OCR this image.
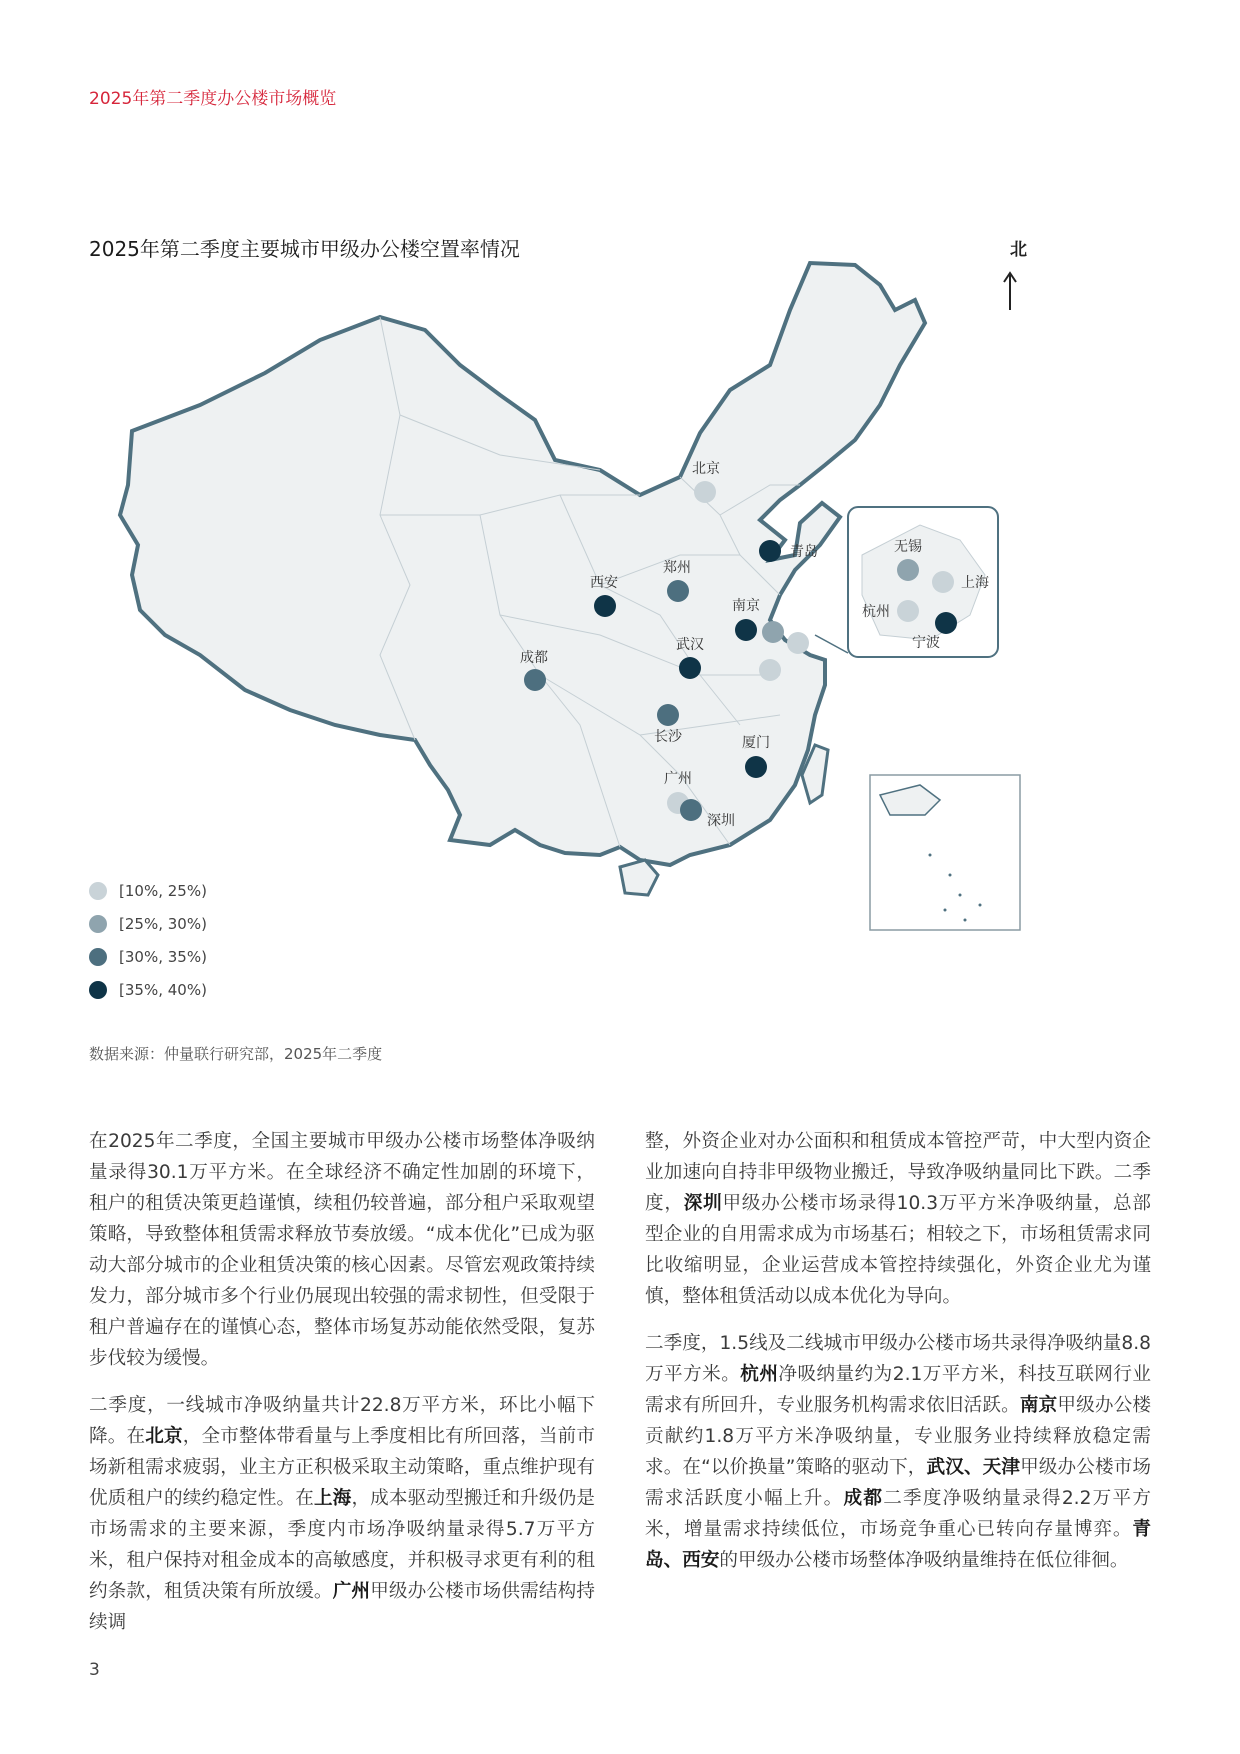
2025年第二季度办公楼市场概览
2025年第二季度主要城市甲级办公楼空置率情况	北
北京
青岛
西安
郑州
南京
武汉
成都
长沙	厦门
广州
深圳
无锡
上海
杭州
宁波
[10%, 25%)
[25%, 30%)
[30%, 35%)
[35%, 40%)
数据来源：仲量联行研究部，2025年二季度

在2025年二季度，全国主要城市甲级办公楼市场整体净吸纳量录得30.1万平方米。在全球经济不确定性加剧的环境下，租户的租赁决策更趋谨慎，续租仍较普遍，部分租户采取观望策略，导致整体租赁需求释放节奏放缓。“成本优化”已成为驱动大部分城市的企业租赁决策的核心因素。尽管宏观政策持续发力，部分城市多个行业仍展现出较强的需求韧性，但受限于租户普遍存在的谨慎心态，整体市场复苏动能依然受限，复苏步伐较为缓慢。

二季度，一线城市净吸纳量共计22.8万平方米，环比小幅下降。在北京，全市整体带看量与上季度相比有所回落，当前市场新租需求疲弱，业主方正积极采取主动策略，重点维护现有优质租户的续约稳定性。在上海，成本驱动型搬迁和升级仍是市场需求的主要来源，季度内市场净吸纳量录得5.7万平方米，租户保持对租金成本的高敏感度，并积极寻求更有利的租约条款，租赁决策有所放缓。广州甲级办公楼市场供需结构持续调

整，外资企业对办公面积和租赁成本管控严苛，中大型内资企业加速向自持非甲级物业搬迁，导致净吸纳量同比下跌。二季度，深圳甲级办公楼市场录得10.3万平方米净吸纳量，总部型企业的自用需求成为市场基石；相较之下，市场租赁需求同比收缩明显，企业运营成本管控持续强化，外资企业尤为谨慎，整体租赁活动以成本优化为导向。

二季度，1.5线及二线城市甲级办公楼市场共录得净吸纳量8.8万平方米。杭州净吸纳量约为2.1万平方米，科技互联网行业需求有所回升，专业服务机构需求依旧活跃。南京甲级办公楼贡献约1.8万平方米净吸纳量，专业服务业持续释放稳定需求。在“以价换量”策略的驱动下，武汉、天津甲级办公楼市场需求活跃度小幅上升。成都二季度净吸纳量录得2.2万平方米，增量需求持续低位，市场竞争重心已转向存量博弈。青岛、西安的甲级办公楼市场整体净吸纳量维持在低位徘徊。

3
